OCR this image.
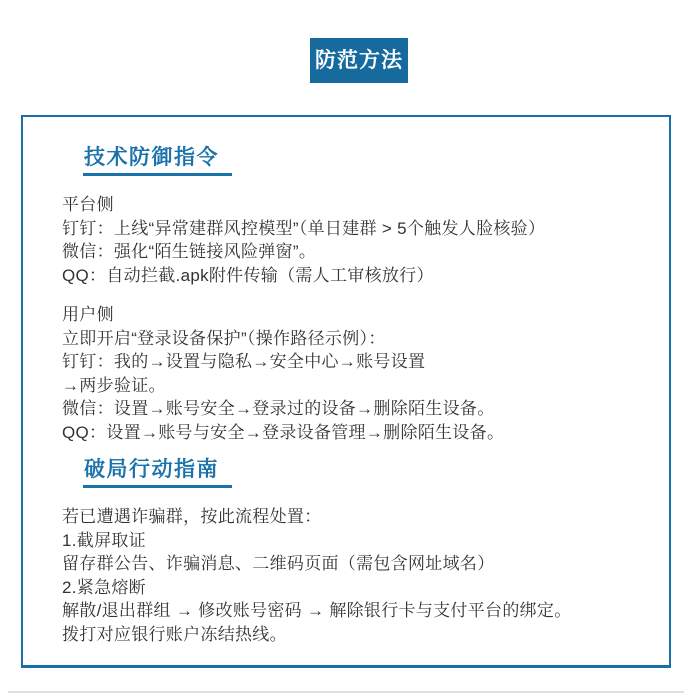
防范方法
技术防御指令

平台侧

钉钉：上线“异常建群风控模型”（单日建群 > 5个触发人脸核验）

微信：强化“陌生链接风险弹窗”。

QQ：自动拦截.apk附件传输（需人工审核放行）

用户侧

立即开启“登录设备保护”（操作路径示例）：

钉钉：我的→设置与隐私→安全中心→账号设置

→两步验证。

微信：设置→账号安全→登录过的设备→删除陌生设备。

QQ：设置→账号与安全→登录设备管理→删除陌生设备。

破局行动指南

若已遭遇诈骗群，按此流程处置：

1.截屏取证

留存群公告、诈骗消息、二维码页面（需包含网址域名）

2.紧急熔断

解散/退出群组 → 修改账号密码 → 解除银行卡与支付平台的绑定。

拨打对应银行账户冻结热线。
